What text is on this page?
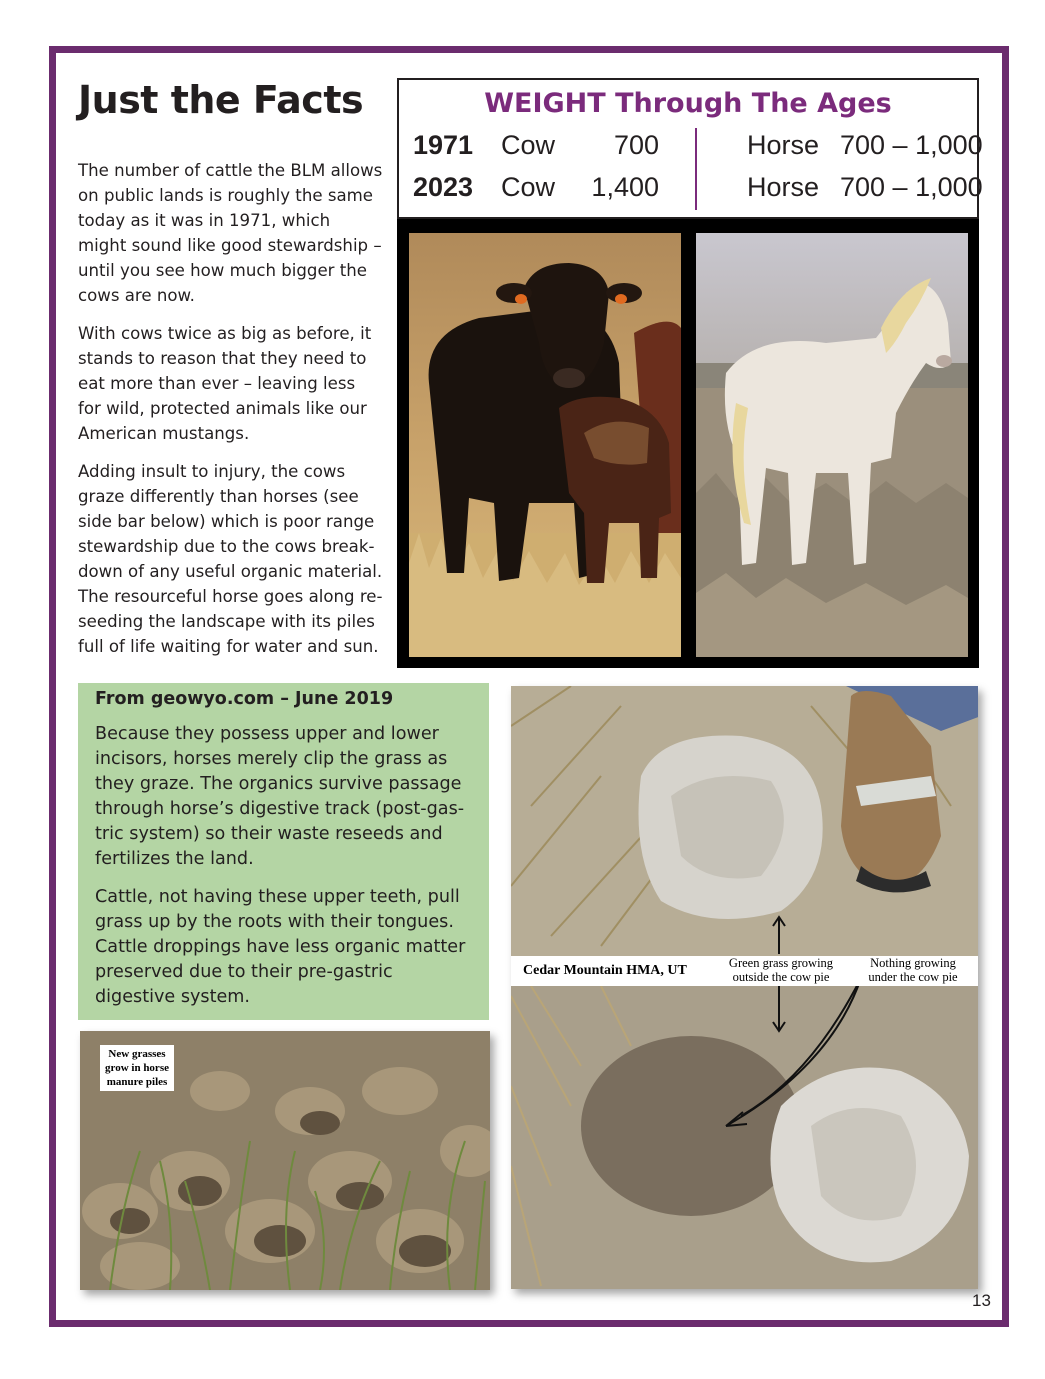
Just the Facts

The number of cattle the BLM allows on public lands is roughly the same today as it was in 1971, which might sound like good stewardship – until you see how much bigger the cows are now.

With cows twice as big as before, it stands to reason that they need to eat more than ever – leaving less for wild, protected animals like our American mustangs.

Adding insult to injury, the cows graze differently than horses (see side bar below) which is poor range stewardship due to the cows break-down of any useful organic material. The resourceful horse goes along re-seeding the landscape with its piles full of life waiting for water and sun.

WEIGHT Through The Ages
1971 Cow 700	Horse 700 – 1,000
2023 Cow 1,400	Horse 700 – 1,000
From geowyo.com – June 2019

Because they possess upper and lower incisors, horses merely clip the grass as they graze. The organics survive passage through horse’s digestive track (post-gas-tric system) so their waste reseeds and fertilizes the land.

Cattle, not having these upper teeth, pull grass up by the roots with their tongues. Cattle droppings have less organic matter preserved due to their pre-gastric digestive system.

New grasses grow in horse manure piles
Cedar Mountain HMA, UT	Green grass growing outside the cow pie
Nothing growing under the cow pie
13
